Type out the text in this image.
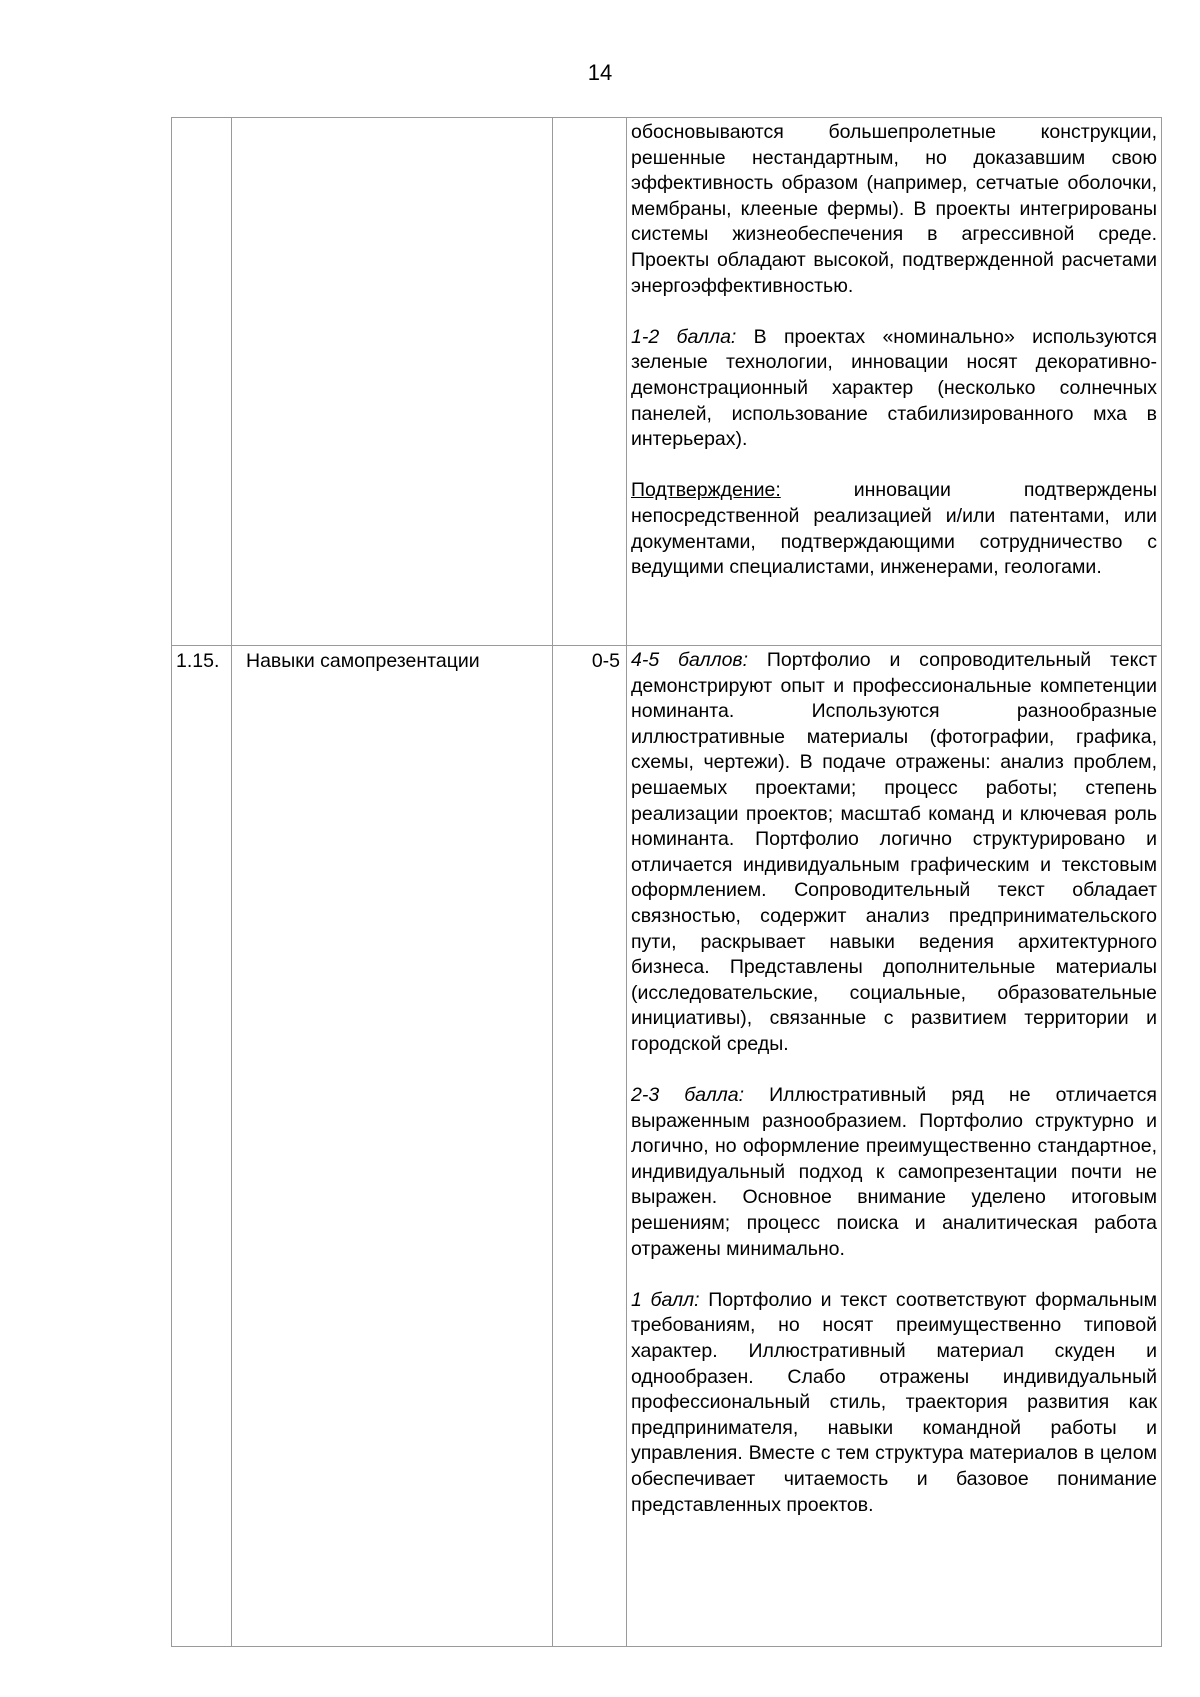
14

			обосновываются большепролетные конструкции, решенные нестандартным, но доказавшим свою эффективность образом (например, сетчатые оболочки, мембраны, клееные фермы). В проекты интегрированы системы жизнеобеспечения в агрессивной среде. Проекты обладают высокой, подтвержденной расчетами энергоэффективностью.

1-2 балла: В проектах «номинально» используются зеленые технологии, инновации носят декоративно-демонстрационный характер (несколько солнечных панелей, использование стабилизированного мха в интерьерах).

Подтверждение: инновации подтверждены непосредственной реализацией и/или патентами, или документами, подтверждающими сотрудничество с ведущими специалистами, инженерами, геологами.

1.15.	Навыки самопрезентации	0-5	4-5 баллов: Портфолио и сопроводительный текст демонстрируют опыт и профессиональные компетенции номинанта. Используются разнообразные иллюстративные материалы (фотографии, графика, схемы, чертежи). В подаче отражены: анализ проблем, решаемых проектами; процесс работы; степень реализации проектов; масштаб команд и ключевая роль номинанта. Портфолио логично структурировано и отличается индивидуальным графическим и текстовым оформлением. Сопроводительный текст обладает связностью, содержит анализ предпринимательского пути, раскрывает навыки ведения архитектурного бизнеса. Представлены дополнительные материалы (исследовательские, социальные, образовательные инициативы), связанные с развитием территории и городской среды.

2-3 балла: Иллюстративный ряд не отличается выраженным разнообразием. Портфолио структурно и логично, но оформление преимущественно стандартное, индивидуальный подход к самопрезентации почти не выражен. Основное внимание уделено итоговым решениям; процесс поиска и аналитическая работа отражены минимально.

1 балл: Портфолио и текст соответствуют формальным требованиям, но носят преимущественно типовой характер. Иллюстративный материал скуден и однообразен. Слабо отражены индивидуальный профессиональный стиль, траектория развития как предпринимателя, навыки командной работы и управления. Вместе с тем структура материалов в целом обеспечивает читаемость и базовое понимание представленных проектов.
